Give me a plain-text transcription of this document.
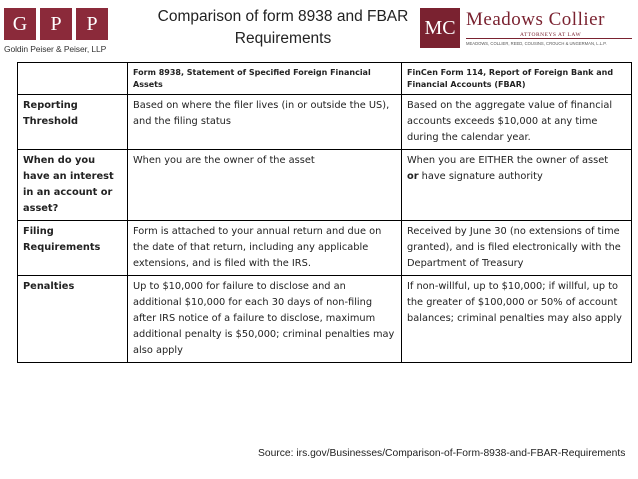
G	P	P
Goldin Peiser & Peiser, LLP
Comparison of form 8938 and FBAR
Requirements	MC Meadows Collier
ATTORNEYS AT LAW
MEADOWS, COLLIER, REED, COUSINS, CROUCH & UNGERMAN, L.L.P.
	Form 8938, Statement of Specified Foreign Financial Assets	FinCen Form 114, Report of Foreign Bank and Financial Accounts (FBAR)
Reporting Threshold	Based on where the filer lives (in or outside the US), and the filing status	Based on the aggregate value of financial accounts exceeds $10,000 at any time during the calendar year.
When do you have an interest in an account or asset?	When you are the owner of the asset	When you are EITHER the owner of asset
or have signature authority
Filing Requirements	Form is attached to your annual return and due on the date of that return, including any applicable extensions, and is filed with the IRS.	Received by June 30 (no extensions of time granted), and is filed electronically with the Department of Treasury
Penalties	Up to $10,000 for failure to disclose and an additional $10,000 for each 30 days of non-filing after IRS notice of a failure to disclose, maximum additional penalty is $50,000; criminal penalties may also apply	If non-willful, up to $10,000; if willful, up to the greater of $100,000 or 50% of account balances; criminal penalties may also apply
Source: irs.gov/Businesses/Comparison-of-Form-8938-and-FBAR-Requirements
